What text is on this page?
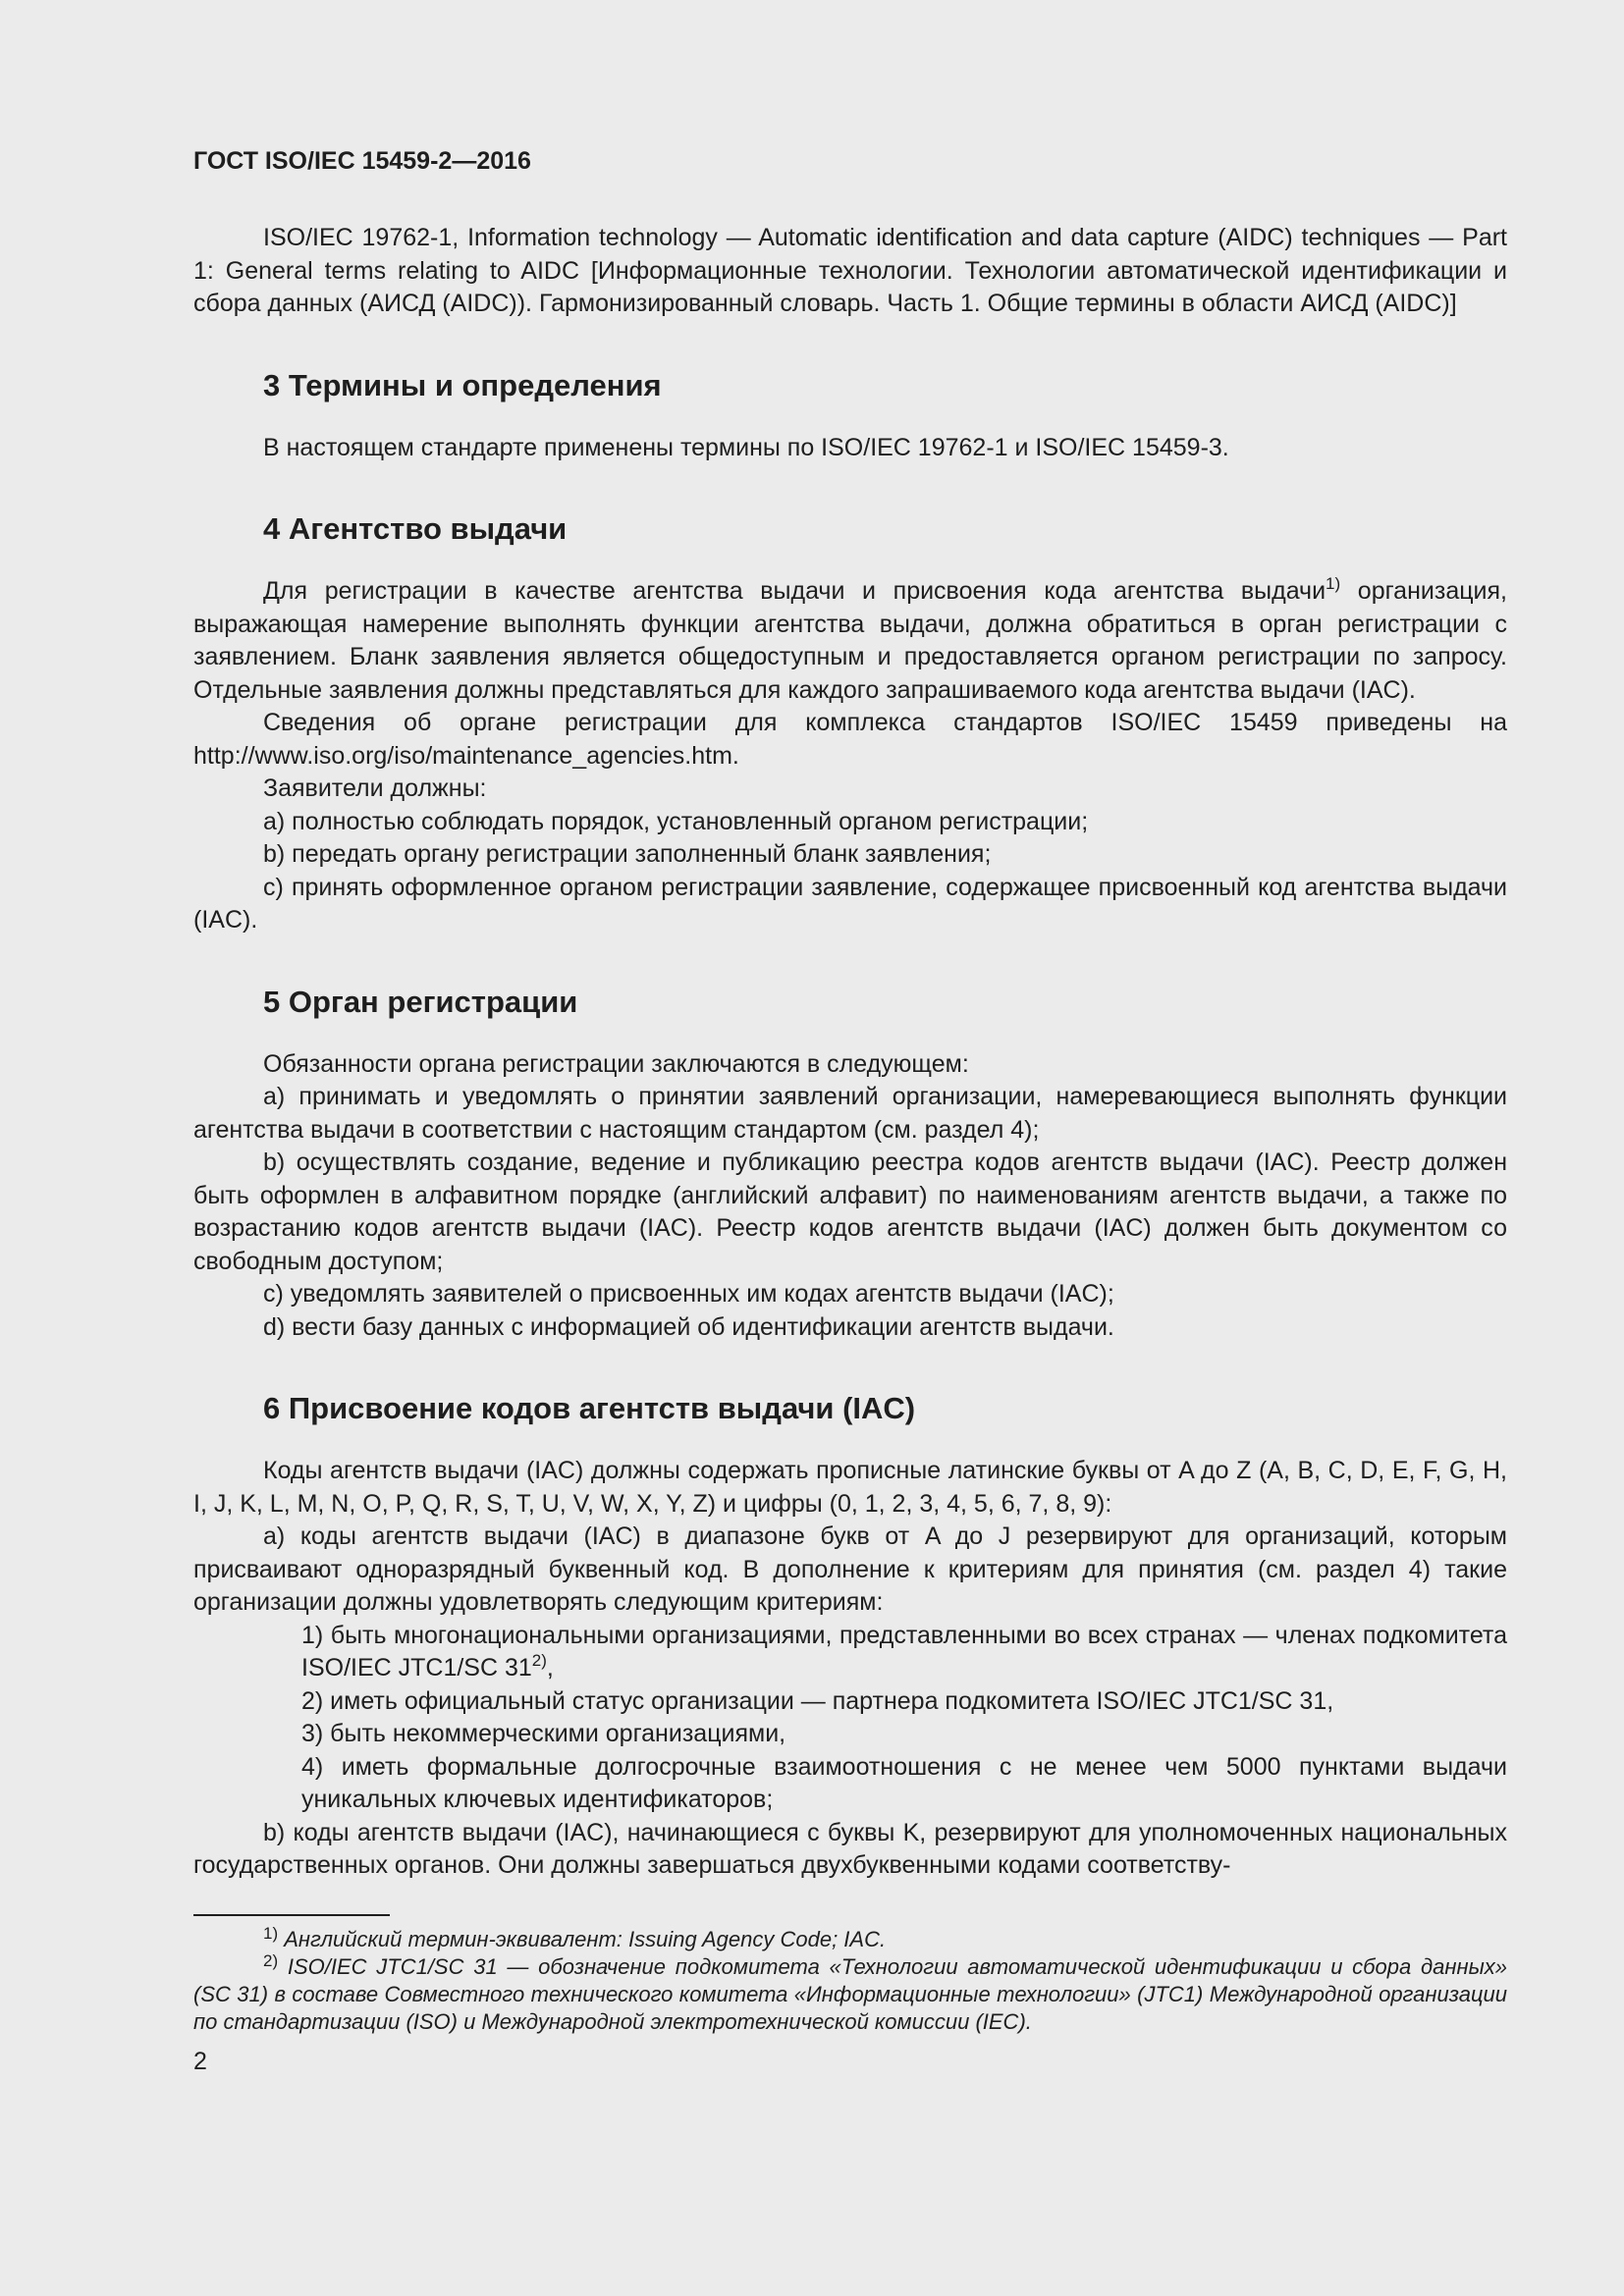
ГОСТ ISO/IEC 15459-2—2016

ISO/IEC 19762-1, Information technology — Automatic identification and data capture (AIDC) techniques — Part 1: General terms relating to AIDC [Информационные технологии. Технологии автоматической идентификации и сбора данных (АИСД (AIDC)). Гармонизированный словарь. Часть 1. Общие термины в области АИСД (AIDC)]

3 Термины и определения

В настоящем стандарте применены термины по ISO/IEC 19762-1 и ISO/IEC 15459-3.

4 Агентство выдачи

Для регистрации в качестве агентства выдачи и присвоения кода агентства выдачи$^{1)}$ организация, выражающая намерение выполнять функции агентства выдачи, должна обратиться в орган регистрации с заявлением. Бланк заявления является общедоступным и предоставляется органом регистрации по запросу. Отдельные заявления должны представляться для каждого запрашиваемого кода агентства выдачи (IAC).

Сведения об органе регистрации для комплекса стандартов ISO/IEC 15459 приведены на http://www.iso.org/iso/maintenance_agencies.htm.

Заявители должны:

a) полностью соблюдать порядок, установленный органом регистрации;

b) передать органу регистрации заполненный бланк заявления;

c) принять оформленное органом регистрации заявление, содержащее присвоенный код агентства выдачи (IAC).

5 Орган регистрации

Обязанности органа регистрации заключаются в следующем:

a) принимать и уведомлять о принятии заявлений организации, намеревающиеся выполнять функции агентства выдачи в соответствии с настоящим стандартом (см. раздел 4);

b) осуществлять создание, ведение и публикацию реестра кодов агентств выдачи (IAC). Реестр должен быть оформлен в алфавитном порядке (английский алфавит) по наименованиям агентств выдачи, а также по возрастанию кодов агентств выдачи (IAC). Реестр кодов агентств выдачи (IAC) должен быть документом со свободным доступом;

c) уведомлять заявителей о присвоенных им кодах агентств выдачи (IAC);

d) вести базу данных с информацией об идентификации агентств выдачи.

6 Присвоение кодов агентств выдачи (IAC)

Коды агентств выдачи (IAC) должны содержать прописные латинские буквы от A до Z (A, B, C, D, E, F, G, H, I, J, K, L, M, N, O, P, Q, R, S, T, U, V, W, X, Y, Z) и цифры (0, 1, 2, 3, 4, 5, 6, 7, 8, 9):

a) коды агентств выдачи (IAC) в диапазоне букв от A до J резервируют для организаций, которым присваивают одноразрядный буквенный код. В дополнение к критериям для принятия (см. раздел 4) такие организации должны удовлетворять следующим критериям:

1) быть многонациональными организациями, представленными во всех странах — членах подкомитета ISO/IEC JTC1/SC 31$^{2)}$,

2) иметь официальный статус организации — партнера подкомитета ISO/IEC JTC1/SC 31,

3) быть некоммерческими организациями,

4) иметь формальные долгосрочные взаимоотношения с не менее чем 5000 пунктами выдачи уникальных ключевых идентификаторов;

b) коды агентств выдачи (IAC), начинающиеся с буквы K, резервируют для уполномоченных национальных государственных органов. Они должны завершаться двухбуквенными кодами соответству-

$^{1)}$ Английский термин-эквивалент: Issuing Agency Code; IAC.

$^{2)}$ ISO/IEC JTC1/SC 31 — обозначение подкомитета «Технологии автоматической идентификации и сбора данных» (SC 31) в составе Совместного технического комитета «Информационные технологии» (JTC1) Международной организации по стандартизации (ISO) и Международной электротехнической комиссии (IEC).

2
